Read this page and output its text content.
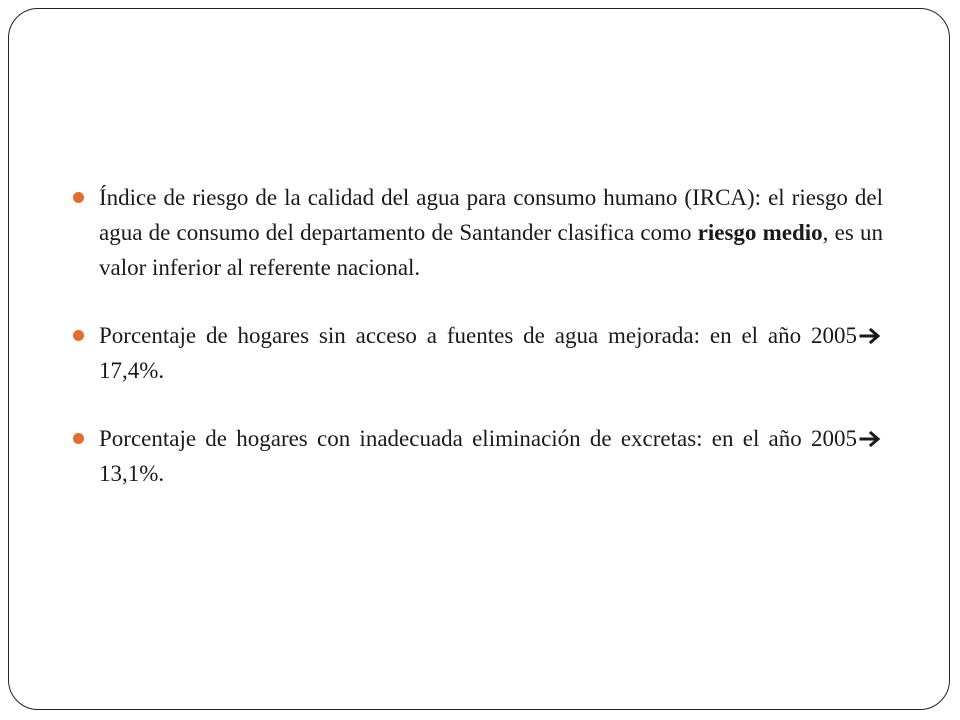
Índice de riesgo de la calidad del agua para consumo humano (IRCA): el riesgo del agua de consumo del departamento de Santander clasifica como riesgo medio, es un valor inferior al referente nacional.
Porcentaje de hogares sin acceso a fuentes de agua mejorada: en el año 2005 17,4%.
Porcentaje de hogares con inadecuada eliminación de excretas: en el año 2005 13,1%.
